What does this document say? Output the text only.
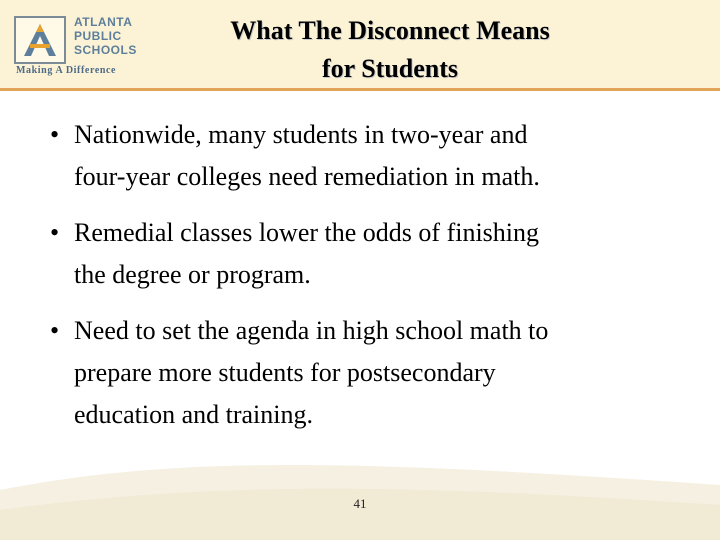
ATLANTA
PUBLIC
SCHOOLS
Making A Difference
What The Disconnect Means
for Students
• Nationwide, many students in two-year and
four-year colleges need remediation in math.
• Remedial classes lower the odds of finishing
the degree or program.
• Need to set the agenda in high school math to
prepare more students for postsecondary
education and training.
41
